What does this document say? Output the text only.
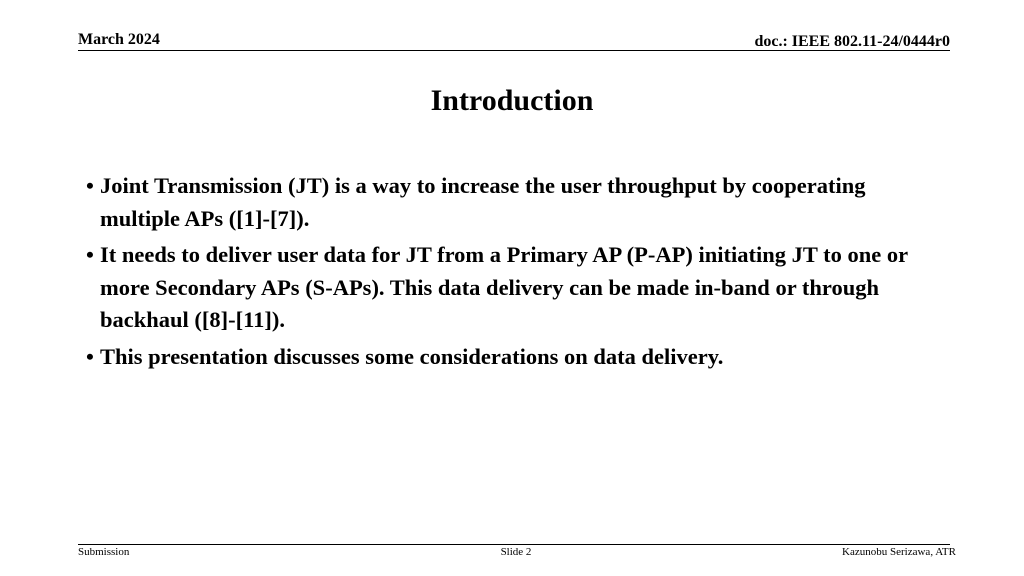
March 2024	doc.: IEEE 802.11-24/0444r0
Introduction
• Joint Transmission (JT) is a way to increase the user throughput by cooperating multiple APs ([1]-[7]).
• It needs to deliver user data for JT from a Primary AP (P-AP) initiating JT to one or more Secondary APs (S-APs). This data delivery can be made in-band or through backhaul ([8]-[11]).
• This presentation discusses some considerations on data delivery.
Submission	Slide 2	Kazunobu Serizawa, ATR
